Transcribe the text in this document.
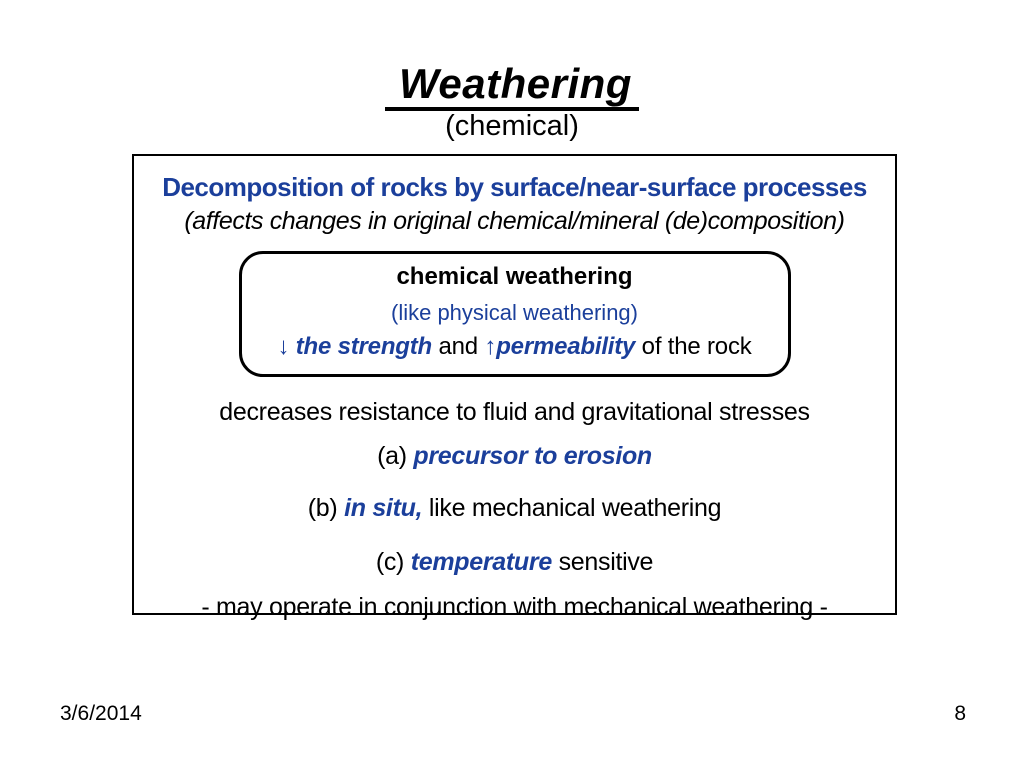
Weathering
(chemical)
Decomposition of rocks by surface/near-surface processes
(affects changes in original chemical/mineral (de)composition)
chemical weathering
(like physical weathering)
↓ the strength and ↑permeability of the rock
decreases resistance to fluid and gravitational stresses
(a) precursor to erosion
(b) in situ, like mechanical weathering
(c) temperature sensitive
- may operate in conjunction with mechanical weathering -
3/6/2014	8
